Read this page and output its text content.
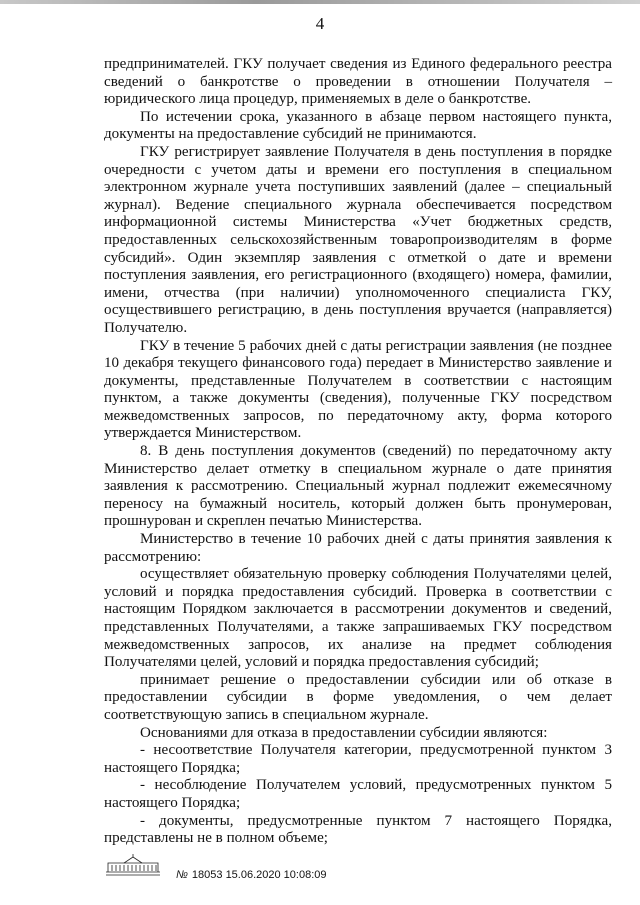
4

предпринимателей. ГКУ получает сведения из Единого федерального реестра сведений о банкротстве о проведении в отношении Получателя – юридического лица процедур, применяемых в деле о банкротстве.

По истечении срока, указанного в абзаце первом настоящего пункта, документы на предоставление субсидий не принимаются.

ГКУ регистрирует заявление Получателя в день поступления в порядке очередности с учетом даты и времени его поступления в специальном электронном журнале учета поступивших заявлений (далее – специальный журнал). Ведение специального журнала обеспечивается посредством информационной системы Министерства «Учет бюджетных средств, предоставленных сельскохозяйственным товаропроизводителям в форме субсидий». Один экземпляр заявления с отметкой о дате и времени поступления заявления, его регистрационного (входящего) номера, фамилии, имени, отчества (при наличии) уполномоченного специалиста ГКУ, осуществившего регистрацию, в день поступления вручается (направляется) Получателю.

ГКУ в течение 5 рабочих дней с даты регистрации заявления (не позднее 10 декабря текущего финансового года) передает в Министерство заявление и документы, представленные Получателем в соответствии с настоящим пунктом, а также документы (сведения), полученные ГКУ посредством межведомственных запросов, по передаточному акту, форма которого утверждается Министерством.

8. В день поступления документов (сведений) по передаточному акту Министерство делает отметку в специальном журнале о дате принятия заявления к рассмотрению. Специальный журнал подлежит ежемесячному переносу на бумажный носитель, который должен быть пронумерован, прошнурован и скреплен печатью Министерства.

Министерство в течение 10 рабочих дней с даты принятия заявления к рассмотрению:

осуществляет обязательную проверку соблюдения Получателями целей, условий и порядка предоставления субсидий. Проверка в соответствии с настоящим Порядком заключается в рассмотрении документов и сведений, представленных Получателями, а также запрашиваемых ГКУ посредством межведомственных запросов, их анализе на предмет соблюдения Получателями целей, условий и порядка предоставления субсидий;

принимает решение о предоставлении субсидии или об отказе в предоставлении субсидии в форме уведомления, о чем делает соответствующую запись в специальном журнале.

Основаниями для отказа в предоставлении субсидии являются:

- несоответствие Получателя категории, предусмотренной пунктом 3 настоящего Порядка;

- несоблюдение Получателем условий, предусмотренных пунктом 5 настоящего Порядка;

- документы, предусмотренные пунктом 7 настоящего Порядка, представлены не в полном объеме;

№ 18053 15.06.2020 10:08:09
